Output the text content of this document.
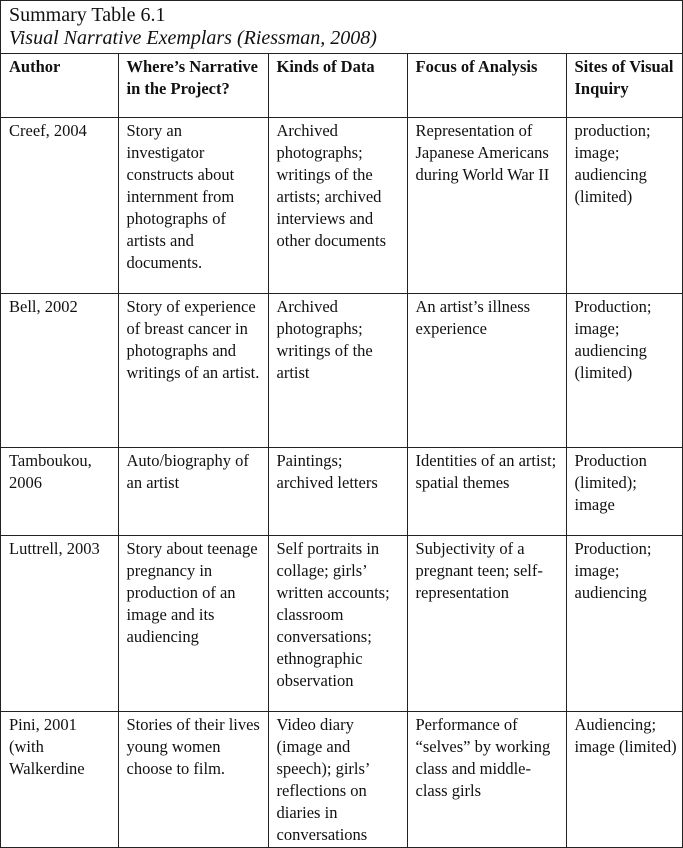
Summary Table 6.1
Visual Narrative Exemplars (Riessman, 2008)
Author	Where’s Narrative in the Project?	Kinds of Data	Focus of Analysis	Sites of Visual Inquiry
Creef, 2004	Story an investigator constructs about internment from photographs of artists and documents.	Archived photographs; writings of the artists; archived interviews and other documents	Representation of Japanese Americans during World War II	production; image; audiencing (limited)
Bell, 2002	Story of experience of breast cancer in photographs and writings of an artist.	Archived photographs; writings of the artist	An artist’s illness experience	Production; image; audiencing (limited)
Tamboukou, 2006	Auto/biography of an artist	Paintings; archived letters	Identities of an artist; spatial themes	Production (limited); image
Luttrell, 2003	Story about teenage pregnancy in production of an image and its audiencing	Self portraits in collage; girls’ written accounts; classroom conversations; ethnographic observation	Subjectivity of a pregnant teen; self-representation	Production; image; audiencing
Pini, 2001 (with Walkerdine	Stories of their lives young women choose to film.	Video diary (image and speech); girls’ reflections on diaries in conversations	Performance of “selves” by working class and middle-class girls	Audiencing; image (limited)
